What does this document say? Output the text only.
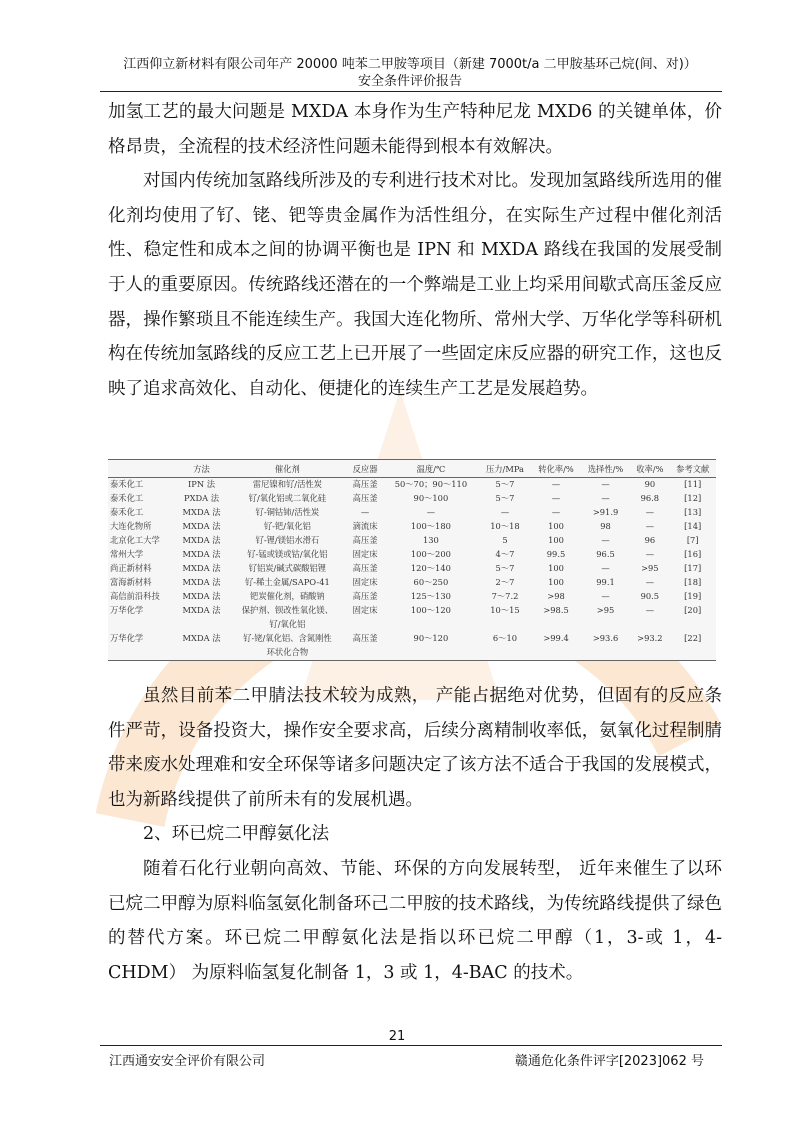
江西仰立新材料有限公司年产 20000 吨苯二甲胺等项目（新建 7000t/a 二甲胺基环己烷(间、对)）
安全条件评价报告

加氢工艺的最大问题是 MXDA 本身作为生产特种尼龙 MXD6 的关键单体，价格昂贵，全流程的技术经济性问题未能得到根本有效解决。

对国内传统加氢路线所涉及的专利进行技术对比。发现加氢路线所选用的催化剂均使用了钌、铑、钯等贵金属作为活性组分，在实际生产过程中催化剂活性、稳定性和成本之间的协调平衡也是 IPN 和 MXDA 路线在我国的发展受制于人的重要原因。传统路线还潜在的一个弊端是工业上均采用间歇式高压釜反应器，操作繁琐且不能连续生产。我国大连化物所、常州大学、万华化学等科研机构在传统加氢路线的反应工艺上已开展了一些固定床反应器的研究工作，这也反映了追求高效化、自动化、便捷化的连续生产工艺是发展趋势。

	方法	催化剂	反应器	温度/℃	压力/MPa	转化率/%	选择性/%	收率/%	参考文献
泰禾化工	IPN 法	雷尼镍和钌/活性炭	高压釜	50～70；90～110	5～7	—	—	90	[11]
泰禾化工	PXDA 法	钌/氧化铝或二氧化硅	高压釜	90～100	5～7	—	—	96.8	[12]
泰禾化工	MXDA 法	钌-铜钴铈/活性炭	—	—	—	—	>91.9	—	[13]
大连化物所	MXDA 法	钌-钯/氧化铝	滴流床	100～180	10～18	100	98	—	[14]
北京化工大学	MXDA 法	钌-锂/镁铝水滑石	高压釜	130	5	100	—	96	[7]
常州大学	MXDA 法	钌-锰或镁或钴/氧化铝	固定床	100～200	4～7	99.5	96.5	—	[16]
尚正新材料	MXDA 法	钌铝炭/碱式碳酸铝锂	高压釜	120～140	5～7	100	—	>95	[17]
富海新材料	MXDA 法	钌-稀土金属/SAPO-41	固定床	60～250	2～7	100	99.1	—	[18]
高信前沿科技	MXDA 法	钯炭催化剂，硝酸钠	高压釜	125～130	7～7.2	>98	—	90.5	[19]
万华化学	MXDA 法	保护剂、钡改性氧化镁、	固定床	100～120	10～15	>98.5	>95	—	[20]
		钌/氧化铝							
万华化学	MXDA 法	钌-铑/氧化铝、含氮刚性	高压釜	90～120	6～10	>99.4	>93.6	>93.2	[22]
		环状化合物							

虽然目前苯二甲腈法技术较为成熟， 产能占据绝对优势，但固有的反应条件严苛，设备投资大，操作安全要求高，后续分离精制收率低，氨氧化过程制腈带来废水处理难和安全环保等诸多问题决定了该方法不适合于我国的发展模式，也为新路线提供了前所未有的发展机遇。

2、环已烷二甲醇氨化法

随着石化行业朝向高效、节能、环保的方向发展转型， 近年来催生了以环已烷二甲醇为原料临氢氨化制备环己二甲胺的技术路线，为传统路线提供了绿色的替代方案。环已烷二甲醇氨化法是指以环已烷二甲醇（1，3-或 1，4-CHDM） 为原料临氢复化制备 1，3 或 1，4-BAC 的技术。

21
江西通安安全评价有限公司	赣通危化条件评字[2023]062 号
